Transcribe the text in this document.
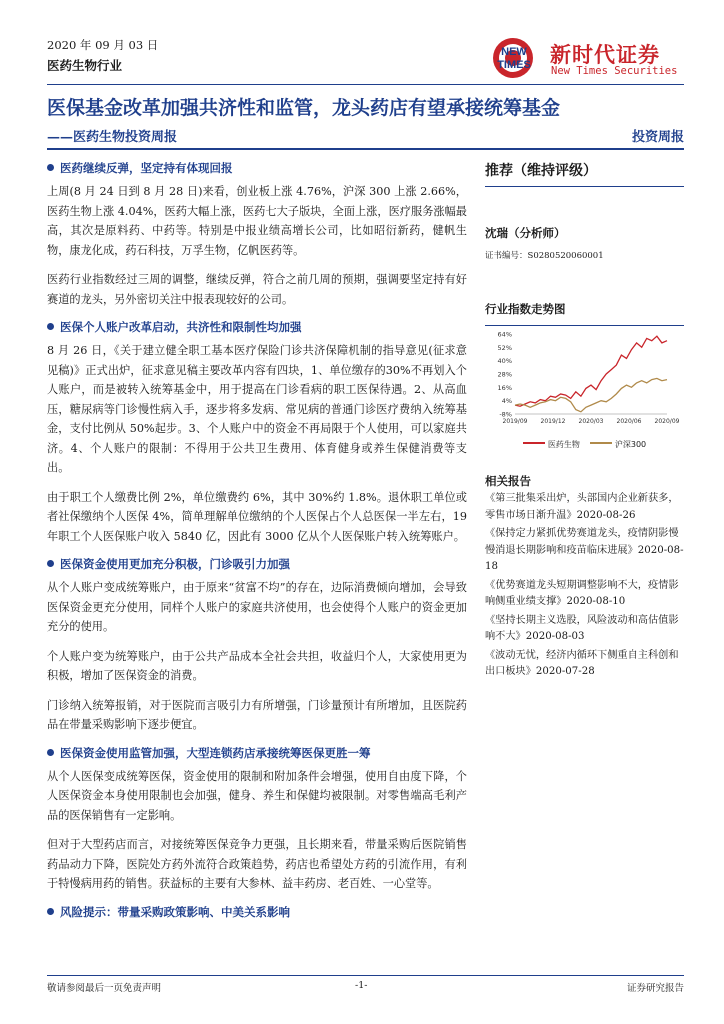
2020 年 09 月 03 日
医药生物行业
NEW
TIMES 新时代证券
New Times Securities
医保基金改革加强共济性和监管，龙头药店有望承接统筹基金
——医药生物投资周报	投资周报
医药继续反弹，坚定持有体现回报
上周(8 月 24 日到 8 月 28 日)来看，创业板上涨 4.76%，沪深 300 上涨 2.66%，医药生物上涨 4.04%，医药大幅上涨，医药七大子版块，全面上涨，医疗服务涨幅最高，其次是原料药、中药等。特别是中报业绩高增长公司，比如昭衍新药，健帆生物，康龙化成，药石科技，万孚生物，亿帆医药等。
医药行业指数经过三周的调整，继续反弹，符合之前几周的预期，强调要坚定持有好赛道的龙头，另外密切关注中报表现较好的公司。
医保个人账户改革启动，共济性和限制性均加强
8 月 26 日，《关于建立健全职工基本医疗保险门诊共济保障机制的指导意见(征求意见稿)》正式出炉，征求意见稿主要改革内容有四块，1、单位缴存的30%不再划入个人账户，而是被转入统筹基金中，用于提高在门诊看病的职工医保待遇。2、从高血压，糖尿病等门诊慢性病入手，逐步将多发病、常见病的普通门诊医疗费纳入统筹基金，支付比例从 50%起步。3、个人账户中的资金不再局限于个人使用，可以家庭共济。4、个人账户的限制：不得用于公共卫生费用、体育健身或养生保健消费等支出。
由于职工个人缴费比例 2%，单位缴费约 6%，其中 30%约 1.8%。退休职工单位或者社保缴纳个人医保 4%，简单理解单位缴纳的个人医保占个人总医保一半左右，19 年职工个人医保账户收入 5840 亿，因此有 3000 亿从个人医保账户转入统筹账户。
医保资金使用更加充分积极，门诊吸引力加强
从个人账户变成统筹账户，由于原来“贫富不均”的存在，边际消费倾向增加，会导致医保资金更充分使用，同样个人账户的家庭共济使用，也会使得个人账户的资金更加充分的使用。
个人账户变为统筹账户，由于公共产品成本全社会共担，收益归个人，大家使用更为积极，增加了医保资金的消费。
门诊纳入统筹报销，对于医院而言吸引力有所增强，门诊量预计有所增加，且医院药品在带量采购影响下逐步便宜。
医保资金使用监管加强，大型连锁药店承接统筹医保更胜一筹
从个人医保变成统筹医保，资金使用的限制和附加条件会增强，使用自由度下降，个人医保资金本身使用限制也会加强，健身、养生和保健均被限制。对零售端高毛利产品的医保销售有一定影响。
但对于大型药店而言，对接统筹医保竞争力更强，且长期来看，带量采购后医院销售药品动力下降，医院处方药外流符合政策趋势，药店也希望处方药的引流作用，有利于特慢病用药的销售。获益标的主要有大参林、益丰药房、老百姓、一心堂等。
风险提示：带量采购政策影响、中美关系影响
推荐（维持评级）
沈瑞（分析师）
证书编号：S0280520060001
行业指数走势图
64%
52%
40%
28%
16%
4%
-8%
2019/09 2019/12 2020/03 2020/06 2020/09
医药生物	沪深300
相关报告
《第三批集采出炉，头部国内企业新获多，零售市场日渐升温》2020-08-26
《保持定力紧抓优势赛道龙头，疫情阴影慢慢消退长期影响和疫苗临床进展》2020-08-18
《优势赛道龙头短期调整影响不大，疫情影响侧重业绩支撑》2020-08-10
《坚持长期主义选股，风险波动和高估值影响不大》2020-08-03
《波动无忧，经济内循环下侧重自主科创和出口板块》2020-07-28
敬请参阅最后一页免责声明	-1-	证券研究报告
